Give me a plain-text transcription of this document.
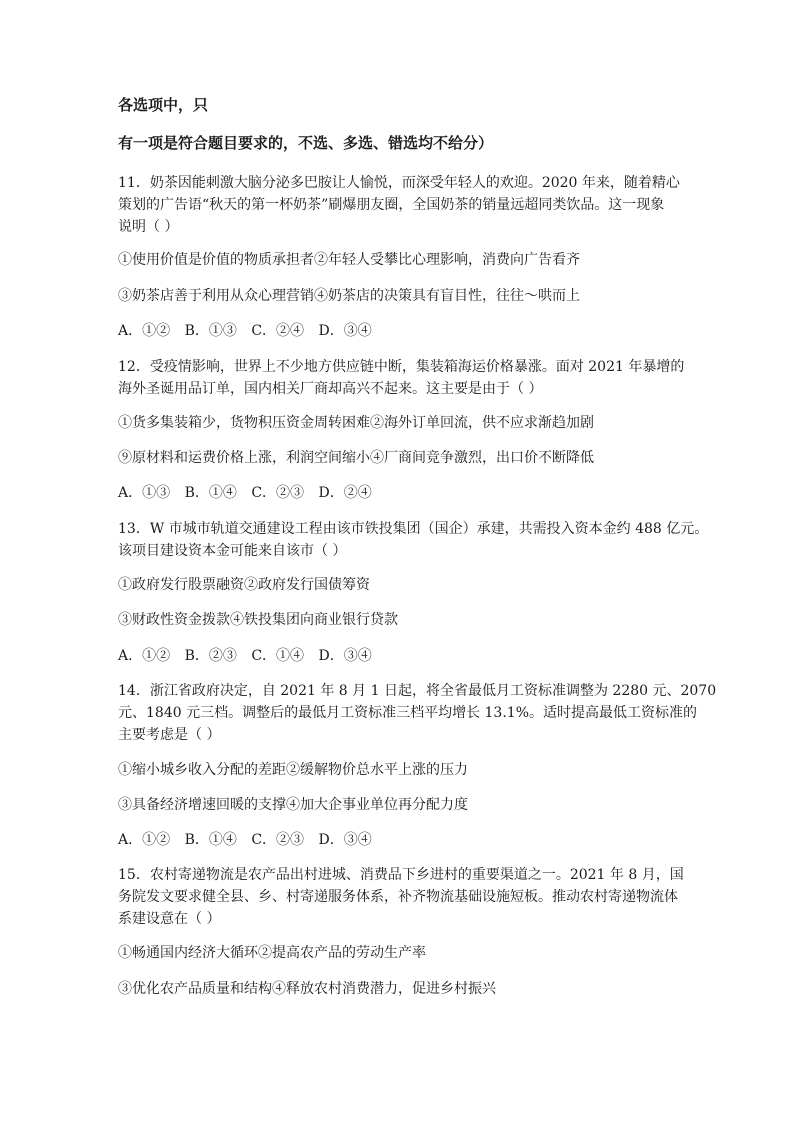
各选项中，只
有一项是符合题目要求的，不选、多选、错选均不给分）
11．奶茶因能刺激大脑分泌多巴胺让人愉悦，而深受年轻人的欢迎。2020 年来，随着精心
策划的广告语“秋天的第一杯奶茶”刷爆朋友圈，全国奶茶的销量远超同类饮品。这一现象
说明（ ）
①使用价值是价值的物质承担者②年轻人受攀比心理影响，消费向广告看齐
③奶茶店善于利用从众心理营销④奶茶店的决策具有盲目性，往往～哄而上
A．①② B．①③ C．②④ D．③④
12．受疫情影响，世界上不少地方供应链中断，集装箱海运价格暴涨。面对 2021 年暴增的
海外圣诞用品订单，国内相关厂商却高兴不起来。这主要是由于（ ）
①货多集装箱少，货物积压资金周转困难②海外订单回流，供不应求渐趋加剧
⑨原材料和运费价格上涨，利润空间缩小④厂商间竞争激烈，出口价不断降低
A．①③ B．①④ C．②③ D．②④
13．W 市城市轨道交通建设工程由该市铁投集团（国企）承建，共需投入资本金约 488 亿元。
该项目建设资本金可能来自该市（ ）
①政府发行股票融资②政府发行国债筹资
③财政性资金拨款④铁投集团向商业银行贷款
A．①② B．②③ C．①④ D．③④
14．浙江省政府决定，自 2021 年 8 月 1 日起，将全省最低月工资标准调整为 2280 元、2070
元、1840 元三档。调整后的最低月工资标准三档平均增长 13.1%。适时提高最低工资标准的
主要考虑是（ ）
①缩小城乡收入分配的差距②缓解物价总水平上涨的压力
③具备经济增速回暖的支撑④加大企事业单位再分配力度
A．①② B．①④ C．②③ D．③④
15．农村寄递物流是农产品出村进城、消费品下乡进村的重要渠道之一。2021 年 8 月，国
务院发文要求健全县、乡、村寄递服务体系，补齐物流基础设施短板。推动农村寄递物流体
系建设意在（ ）
①畅通国内经济大循环②提高农产品的劳动生产率
③优化农产品质量和结构④释放农村消费潜力，促进乡村振兴
